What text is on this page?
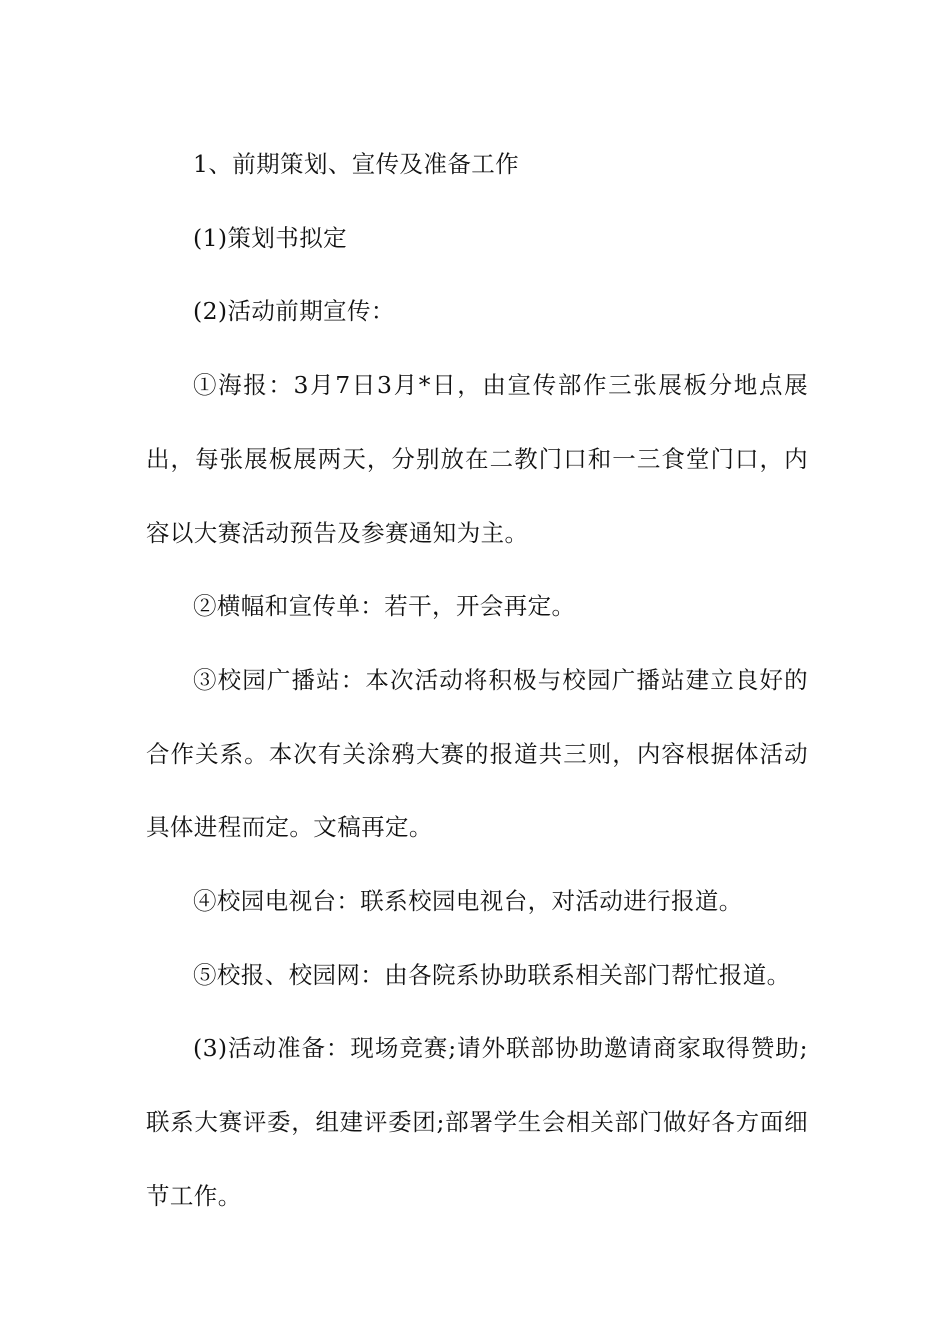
1、前期策划、宣传及准备工作

(1)策划书拟定

(2)活动前期宣传：

①海报：3月7日3月*日，由宣传部作三张展板分地点展出，每张展板展两天，分别放在二教门口和一三食堂门口，内容以大赛活动预告及参赛通知为主。

②横幅和宣传单：若干，开会再定。

③校园广播站：本次活动将积极与校园广播站建立良好的合作关系。本次有关涂鸦大赛的报道共三则，内容根据体活动具体进程而定。文稿再定。

④校园电视台：联系校园电视台，对活动进行报道。

⑤校报、校园网：由各院系协助联系相关部门帮忙报道。

(3)活动准备：现场竞赛;请外联部协助邀请商家取得赞助;联系大赛评委，组建评委团;部署学生会相关部门做好各方面细节工作。
